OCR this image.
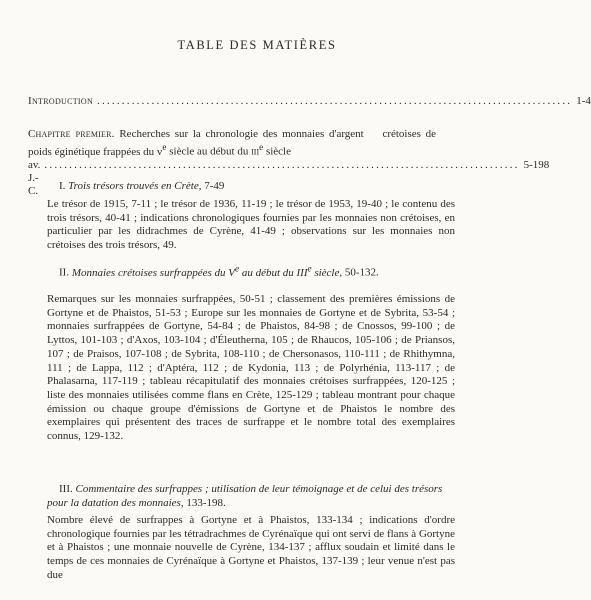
TABLE DES MATIÈRES
Introduction ................................................................................................ 1-4
Chapitre premier. Recherches sur la chronologie des monnaies d'argent crétoises de poids éginétique frappées du $v^e$ siècle au début du iii$^e$ siècle
av. J.-C.
................................................................................................ 5-198
I. Trois trésors trouvés en Crète, 7-49
Le trésor de 1915, 7-11 ; le trésor de 1936, 11-19 ; le trésor de 1953, 19-40 ; le contenu des trois trésors, 40-41 ; indications chronologiques fournies par les monnaies non crétoises, en particulier par les didrachmes de Cyrène, 41-49 ; observations sur les monnaies non crétoises des trois trésors, 49.
II. Monnaies crétoises surfrappées du Ve au début du IIIe siècle, 50-132.
Remarques sur les monnaies surfrappées, 50-51 ; classement des premières émissions de Gortyne et de Phaistos, 51-53 ; Europe sur les monnaies de Gortyne et de Sybrita, 53-54 ; monnaies surfrappées de Gortyne, 54-84 ; de Phaistos, 84-98 ; de Cnossos, 99-100 ; de Lyttos, 101-103 ; d'Axos, 103-104 ; d'Éleutherna, 105 ; de Rhaucos, 105-106 ; de Priansos, 107 ; de Praisos, 107-108 ; de Sybrita, 108-110 ; de Chersonasos, 110-111 ; de Rhithymna, 111 ; de Lappa, 112 ; d'Aptéra, 112 ; de Kydonia, 113 ; de Polyrhénia, 113-117 ; de Phalasarna, 117-119 ; tableau récapitulatif des monnaies crétoises surfrappées, 120-125 ; liste des monnaies utilisées comme flans en Crète, 125-129 ; tableau montrant pour chaque émission ou chaque groupe d'émissions de Gortyne et de Phaistos le nombre des exemplaires qui présentent des traces de surfrappe et le nombre total des exemplaires connus, 129-132.
III. Commentaire des surfrappes ; utilisation de leur témoignage et de celui des trésors pour la datation des monnaies, 133-198.
Nombre élevé de surfrappes à Gortyne et à Phaistos, 133-134 ; indications d'ordre chronologique fournies par les tétradrachmes de Cyrénaïque qui ont servi de flans à Gortyne et à Phaistos ; une monnaie nouvelle de Cyrène, 134-137 ; afflux soudain et limité dans le temps de ces monnaies de Cyrénaïque à Gortyne et Phaistos, 137-139 ; leur venue n'est pas due
